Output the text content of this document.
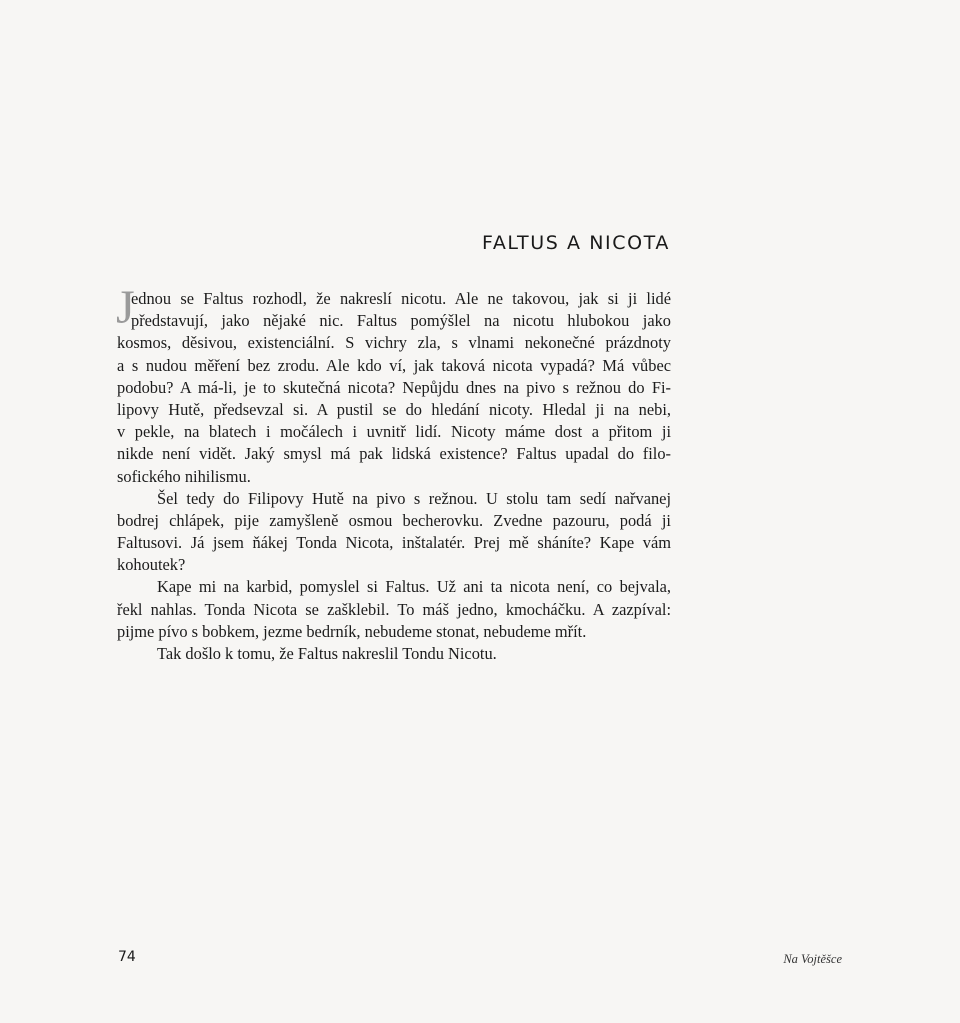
FALTUS A NICOTA
J
ednou se Faltus rozhodl, že nakreslí nicotu. Ale ne takovou, jak si ji lidé
představují, jako nějaké nic. Faltus pomýšlel na nicotu hlubokou jako
kosmos, děsivou, existenciální. S vichry zla, s vlnami nekonečné prázdnoty
a s nudou měření bez zrodu. Ale kdo ví, jak taková nicota vypadá? Má vůbec
podobu? A má-li, je to skutečná nicota? Nepůjdu dnes na pivo s režnou do Fi-
lipovy Hutě, předsevzal si. A pustil se do hledání nicoty. Hledal ji na nebi,
v pekle, na blatech i močálech i uvnitř lidí. Nicoty máme dost a přitom ji
nikde není vidět. Jaký smysl má pak lidská existence? Faltus upadal do filo-
sofického nihilismu.
Šel tedy do Filipovy Hutě na pivo s režnou. U stolu tam sedí nařvanej
bodrej chlápek, pije zamyšleně osmou becherovku. Zvedne pazouru, podá ji
Faltusovi. Já jsem ňákej Tonda Nicota, inštalatér. Prej mě sháníte? Kape vám
kohoutek?
Kape mi na karbid, pomyslel si Faltus. Už ani ta nicota není, co bejvala,
řekl nahlas. Tonda Nicota se zašklebil. To máš jedno, kmocháčku. A zazpíval:
pijme pívo s bobkem, jezme bedrník, nebudeme stonat, nebudeme mřít.
Tak došlo k tomu, že Faltus nakreslil Tondu Nicotu.
74	Na Vojtěšce
